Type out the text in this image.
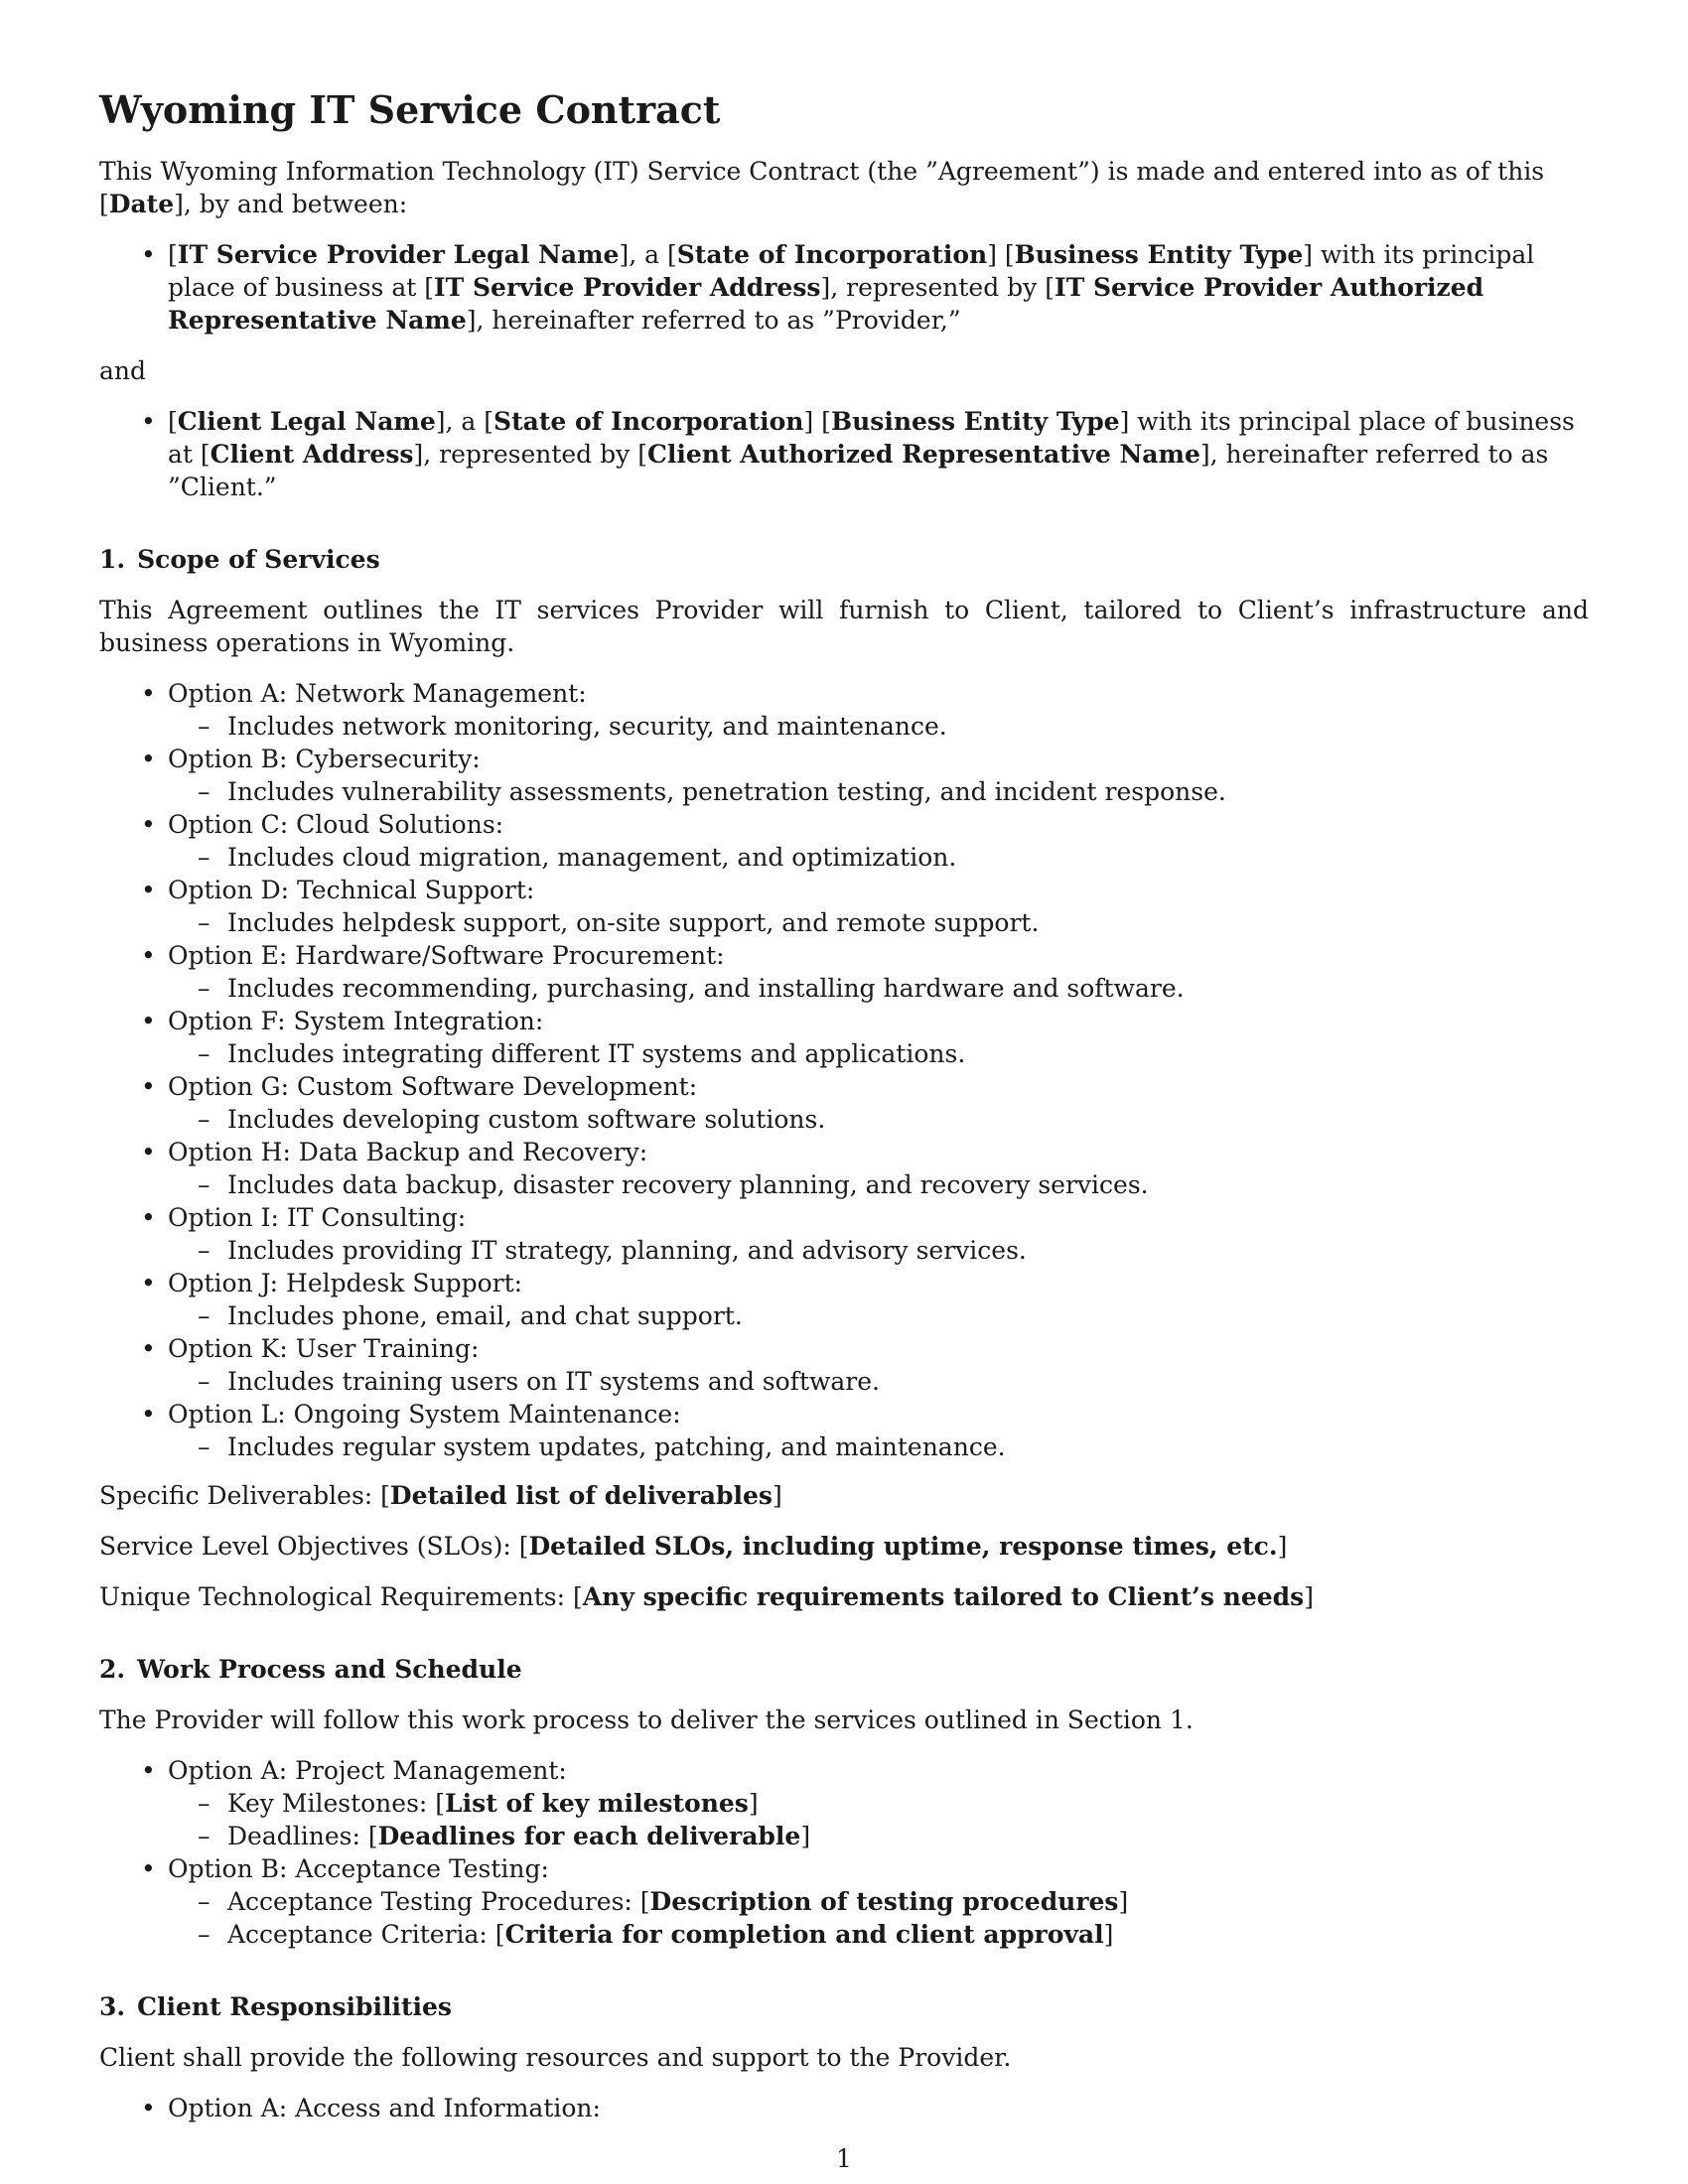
Wyoming IT Service Contract

This Wyoming Information Technology (IT) Service Contract (the ”Agreement”) is made and entered into as of this [Date], by and between:

• [IT Service Provider Legal Name], a [State of Incorporation] [Business Entity Type] with its principal place of business at [IT Service Provider Address], represented by [IT Service Provider Authorized Representative Name], hereinafter referred to as ”Provider,”

and

• [Client Legal Name], a [State of Incorporation] [Business Entity Type] with its principal place of business at [Client Address], represented by [Client Authorized Representative Name], hereinafter referred to as ”Client.”
1. Scope of Services

This Agreement outlines the IT services Provider will furnish to Client, tailored to Client’s infrastructure and business operations in Wyoming.

• Option A: Network Management:
– Includes network monitoring, security, and maintenance.
• Option B: Cybersecurity:
– Includes vulnerability assessments, penetration testing, and incident response.
• Option C: Cloud Solutions:
– Includes cloud migration, management, and optimization.
• Option D: Technical Support:
– Includes helpdesk support, on-site support, and remote support.
• Option E: Hardware/Software Procurement:
– Includes recommending, purchasing, and installing hardware and software.
• Option F: System Integration:
– Includes integrating different IT systems and applications.
• Option G: Custom Software Development:
– Includes developing custom software solutions.
• Option H: Data Backup and Recovery:
– Includes data backup, disaster recovery planning, and recovery services.
• Option I: IT Consulting:
– Includes providing IT strategy, planning, and advisory services.
• Option J: Helpdesk Support:
– Includes phone, email, and chat support.
• Option K: User Training:
– Includes training users on IT systems and software.
• Option L: Ongoing System Maintenance:
– Includes regular system updates, patching, and maintenance.

Specific Deliverables: [Detailed list of deliverables]

Service Level Objectives (SLOs): [Detailed SLOs, including uptime, response times, etc.]

Unique Technological Requirements: [Any specific requirements tailored to Client’s needs]

2. Work Process and Schedule

The Provider will follow this work process to deliver the services outlined in Section 1.

• Option A: Project Management:
– Key Milestones: [List of key milestones]
– Deadlines: [Deadlines for each deliverable]
• Option B: Acceptance Testing:
– Acceptance Testing Procedures: [Description of testing procedures]
– Acceptance Criteria: [Criteria for completion and client approval]
3. Client Responsibilities

Client shall provide the following resources and support to the Provider.

• Option A: Access and Information:
1
